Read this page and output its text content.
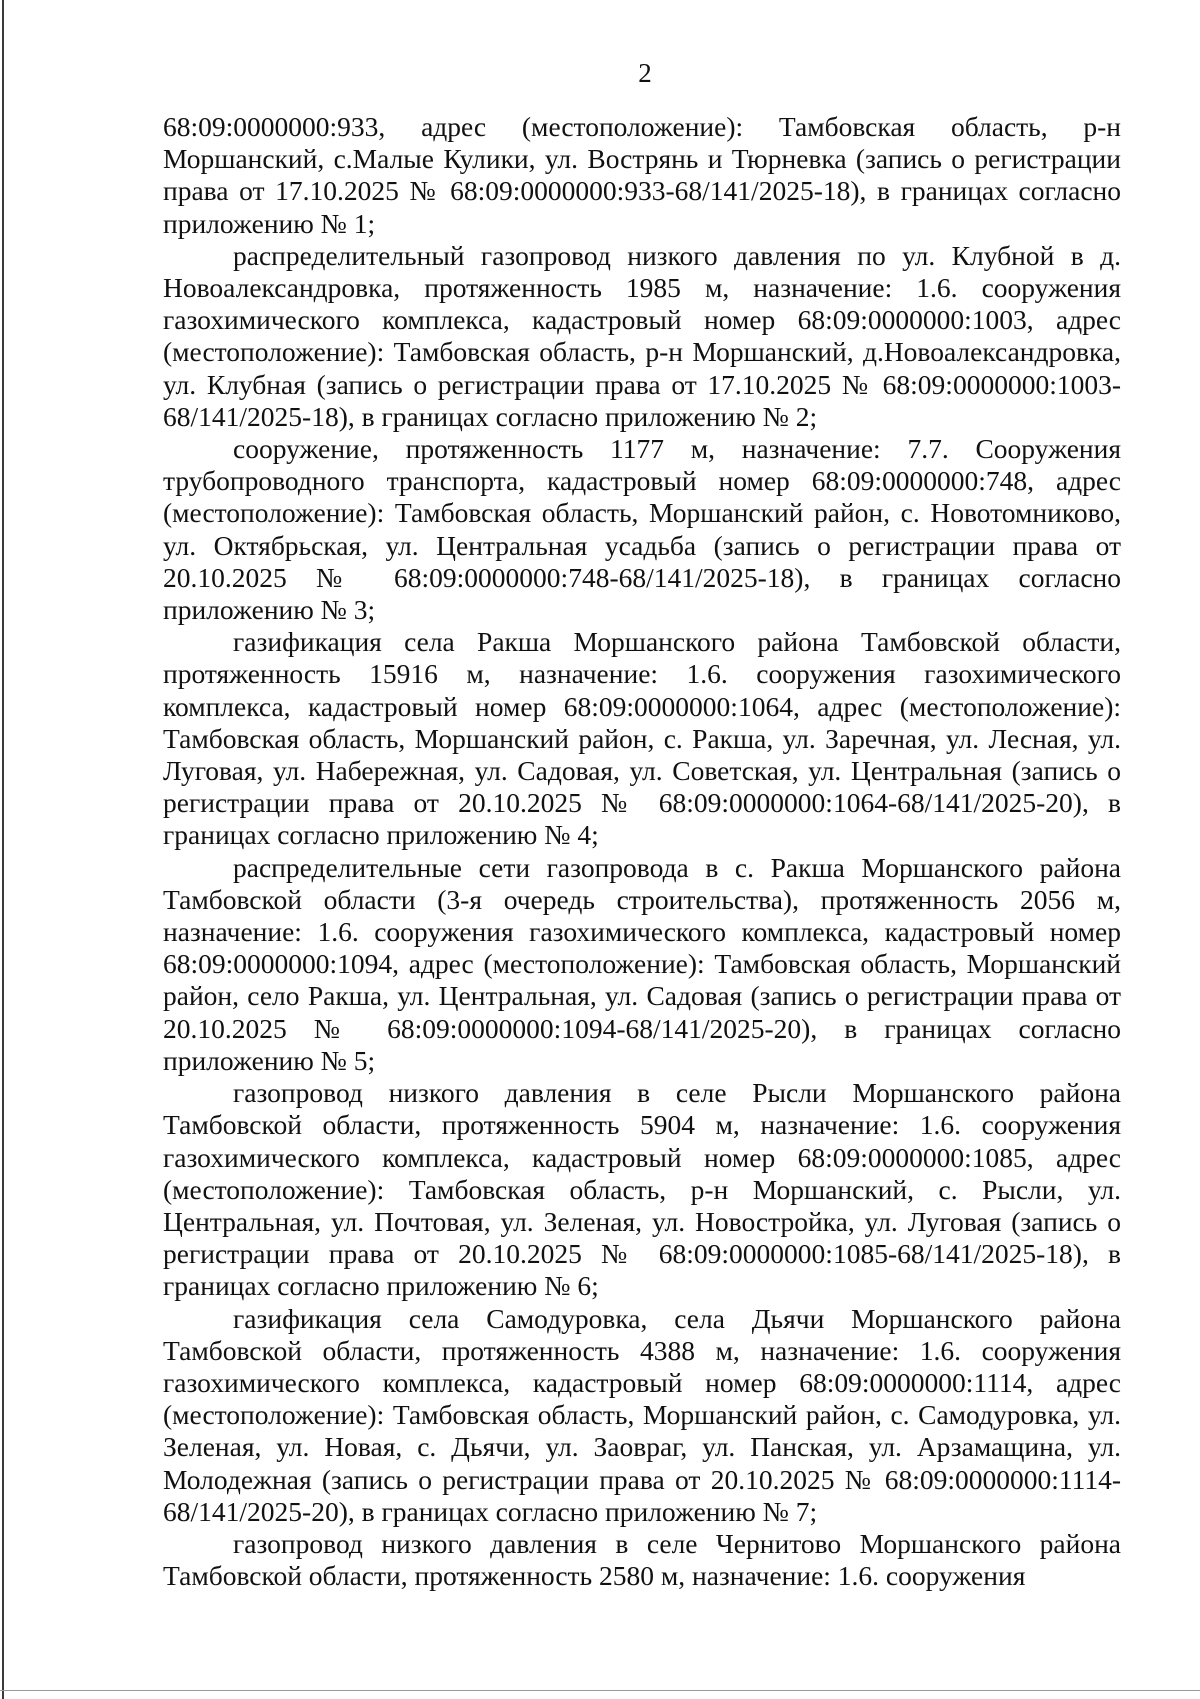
2

68:09:0000000:933, адрес (местоположение): Тамбовская область, р-н Моршанский, с.Малые Кулики, ул. Вострянь и Тюрневка (запись о регистрации права от 17.10.2025 № 68:09:0000000:933-68/141/2025-18), в границах согласно приложению № 1;

распределительный газопровод низкого давления по ул. Клубной в д. Новоалександровка, протяженность 1985 м, назначение: 1.6. сооружения газохимического комплекса, кадастровый номер 68:09:0000000:1003, адрес (местоположение): Тамбовская область, р-н Моршанский, д.Новоалександровка, ул. Клубная (запись о регистрации права от 17.10.2025 № 68:09:0000000:1003-68/141/2025-18), в границах согласно приложению № 2;

сооружение, протяженность 1177 м, назначение: 7.7. Сооружения трубопроводного транспорта, кадастровый номер 68:09:0000000:748, адрес (местоположение): Тамбовская область, Моршанский район, с. Новотомниково, ул. Октябрьская, ул. Центральная усадьба (запись о регистрации права от 20.10.2025 № 68:09:0000000:748-68/141/2025-18), в границах согласно приложению № 3;

газификация села Ракша Моршанского района Тамбовской области, протяженность 15916 м, назначение: 1.6. сооружения газохимического комплекса, кадастровый номер 68:09:0000000:1064, адрес (местоположение): Тамбовская область, Моршанский район, с. Ракша, ул. Заречная, ул. Лесная, ул. Луговая, ул. Набережная, ул. Садовая, ул. Советская, ул. Центральная (запись о регистрации права от 20.10.2025 № 68:09:0000000:1064-68/141/2025-20), в границах согласно приложению № 4;

распределительные сети газопровода в с. Ракша Моршанского района Тамбовской области (3-я очередь строительства), протяженность 2056 м, назначение: 1.6. сооружения газохимического комплекса, кадастровый номер 68:09:0000000:1094, адрес (местоположение): Тамбовская область, Моршанский район, село Ракша, ул. Центральная, ул. Садовая (запись о регистрации права от 20.10.2025 № 68:09:0000000:1094-68/141/2025-20), в границах согласно приложению № 5;

газопровод низкого давления в селе Рысли Моршанского района Тамбовской области, протяженность 5904 м, назначение: 1.6. сооружения газохимического комплекса, кадастровый номер 68:09:0000000:1085, адрес (местоположение): Тамбовская область, р-н Моршанский, с. Рысли, ул. Центральная, ул. Почтовая, ул. Зеленая, ул. Новостройка, ул. Луговая (запись о регистрации права от 20.10.2025 № 68:09:0000000:1085-68/141/2025-18), в границах согласно приложению № 6;

газификация села Самодуровка, села Дьячи Моршанского района Тамбовской области, протяженность 4388 м, назначение: 1.6. сооружения газохимического комплекса, кадастровый номер 68:09:0000000:1114, адрес (местоположение): Тамбовская область, Моршанский район, с. Самодуровка, ул. Зеленая, ул. Новая, с. Дьячи, ул. Заовраг, ул. Панская, ул. Арзамащина, ул. Молодежная (запись о регистрации права от 20.10.2025 № 68:09:0000000:1114-68/141/2025-20), в границах согласно приложению № 7;

газопровод низкого давления в селе Чернитово Моршанского района Тамбовской области, протяженность 2580 м, назначение: 1.6. сооружения
